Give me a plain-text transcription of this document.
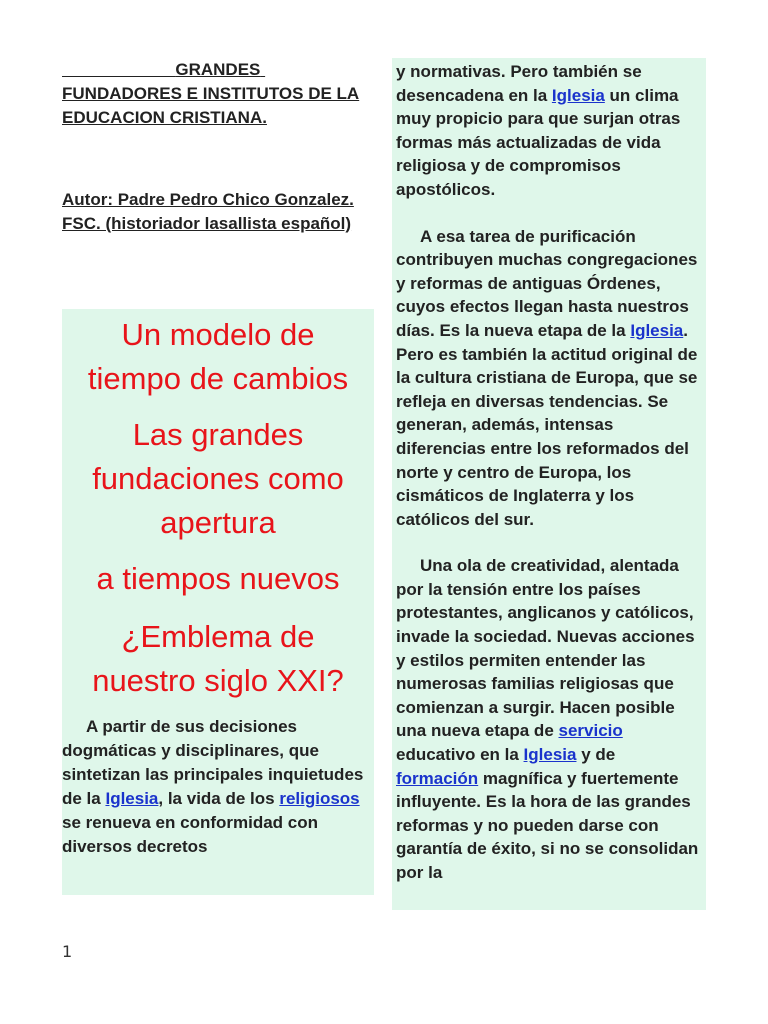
GRANDES
FUNDADORES E INSTITUTOS DE LA
EDUCACION CRISTIANA.
Autor: Padre Pedro Chico Gonzalez.
FSC. (historiador lasallista español)

Un modelo de tiempo de cambios

Las grandes fundaciones como apertura

a tiempos nuevos

¿Emblema de nuestro siglo XXI?

A partir de sus decisiones dogmáticas y disciplinares, que sintetizan las principales inquietudes de la Iglesia, la vida de los religiosos se renueva en conformidad con diversos decretos

y normativas. Pero también se desencadena en la Iglesia un clima muy propicio para que surjan otras formas más actualizadas de vida religiosa y de compromisos apostólicos.

A esa tarea de purificación contribuyen muchas congregaciones y reformas de antiguas Órdenes, cuyos efectos llegan hasta nuestros días. Es la nueva etapa de la Iglesia. Pero es también la actitud original de la cultura cristiana de Europa, que se refleja en diversas tendencias. Se generan, además, intensas diferencias entre los reformados del norte y centro de Europa, los cismáticos de Inglaterra y los católicos del sur.

Una ola de creatividad, alentada por la tensión entre los países protestantes, anglicanos y católicos, invade la sociedad. Nuevas acciones y estilos permiten entender las numerosas familias religiosas que comienzan a surgir. Hacen posible una nueva etapa de servicio educativo en la Iglesia y de formación magnífica y fuertemente influyente. Es la hora de las grandes reformas y no pueden darse con garantía de éxito, si no se consolidan por la

1
